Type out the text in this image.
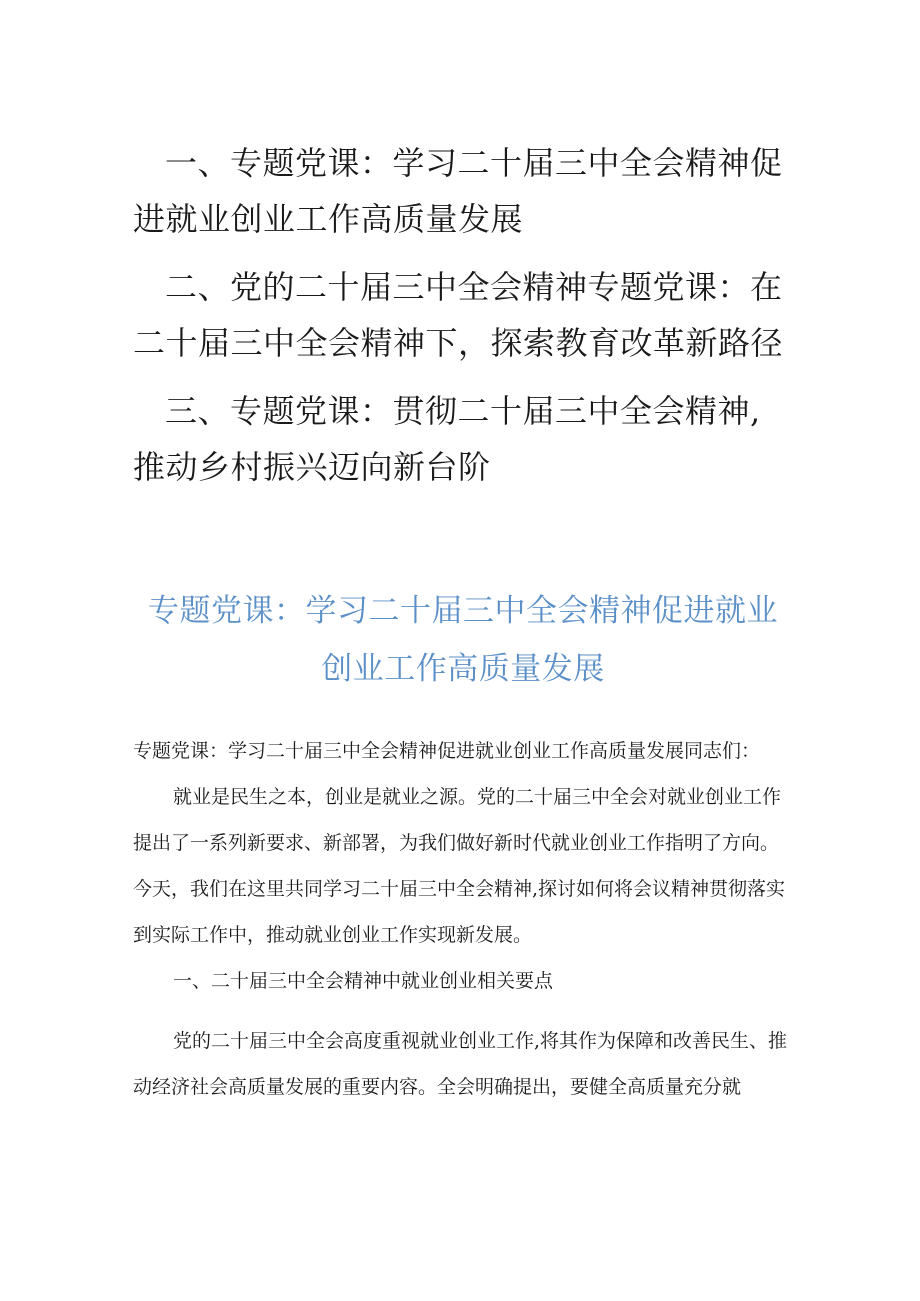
一、专题党课：学习二十届三中全会精神促进就业创业工作高质量发展

二、党的二十届三中全会精神专题党课：在二十届三中全会精神下，探索教育改革新路径

三、专题党课：贯彻二十届三中全会精神,推动乡村振兴迈向新台阶

专题党课：学习二十届三中全会精神促进就业创业工作高质量发展

专题党课：学习二十届三中全会精神促进就业创业工作高质量发展同志们：

就业是民生之本，创业是就业之源。党的二十届三中全会对就业创业工作提出了一系列新要求、新部署，为我们做好新时代就业创业工作指明了方向。今天，我们在这里共同学习二十届三中全会精神,探讨如何将会议精神贯彻落实到实际工作中，推动就业创业工作实现新发展。

一、二十届三中全会精神中就业创业相关要点

党的二十届三中全会高度重视就业创业工作,将其作为保障和改善民生、推动经济社会高质量发展的重要内容。全会明确提出，要健全高质量充分就
